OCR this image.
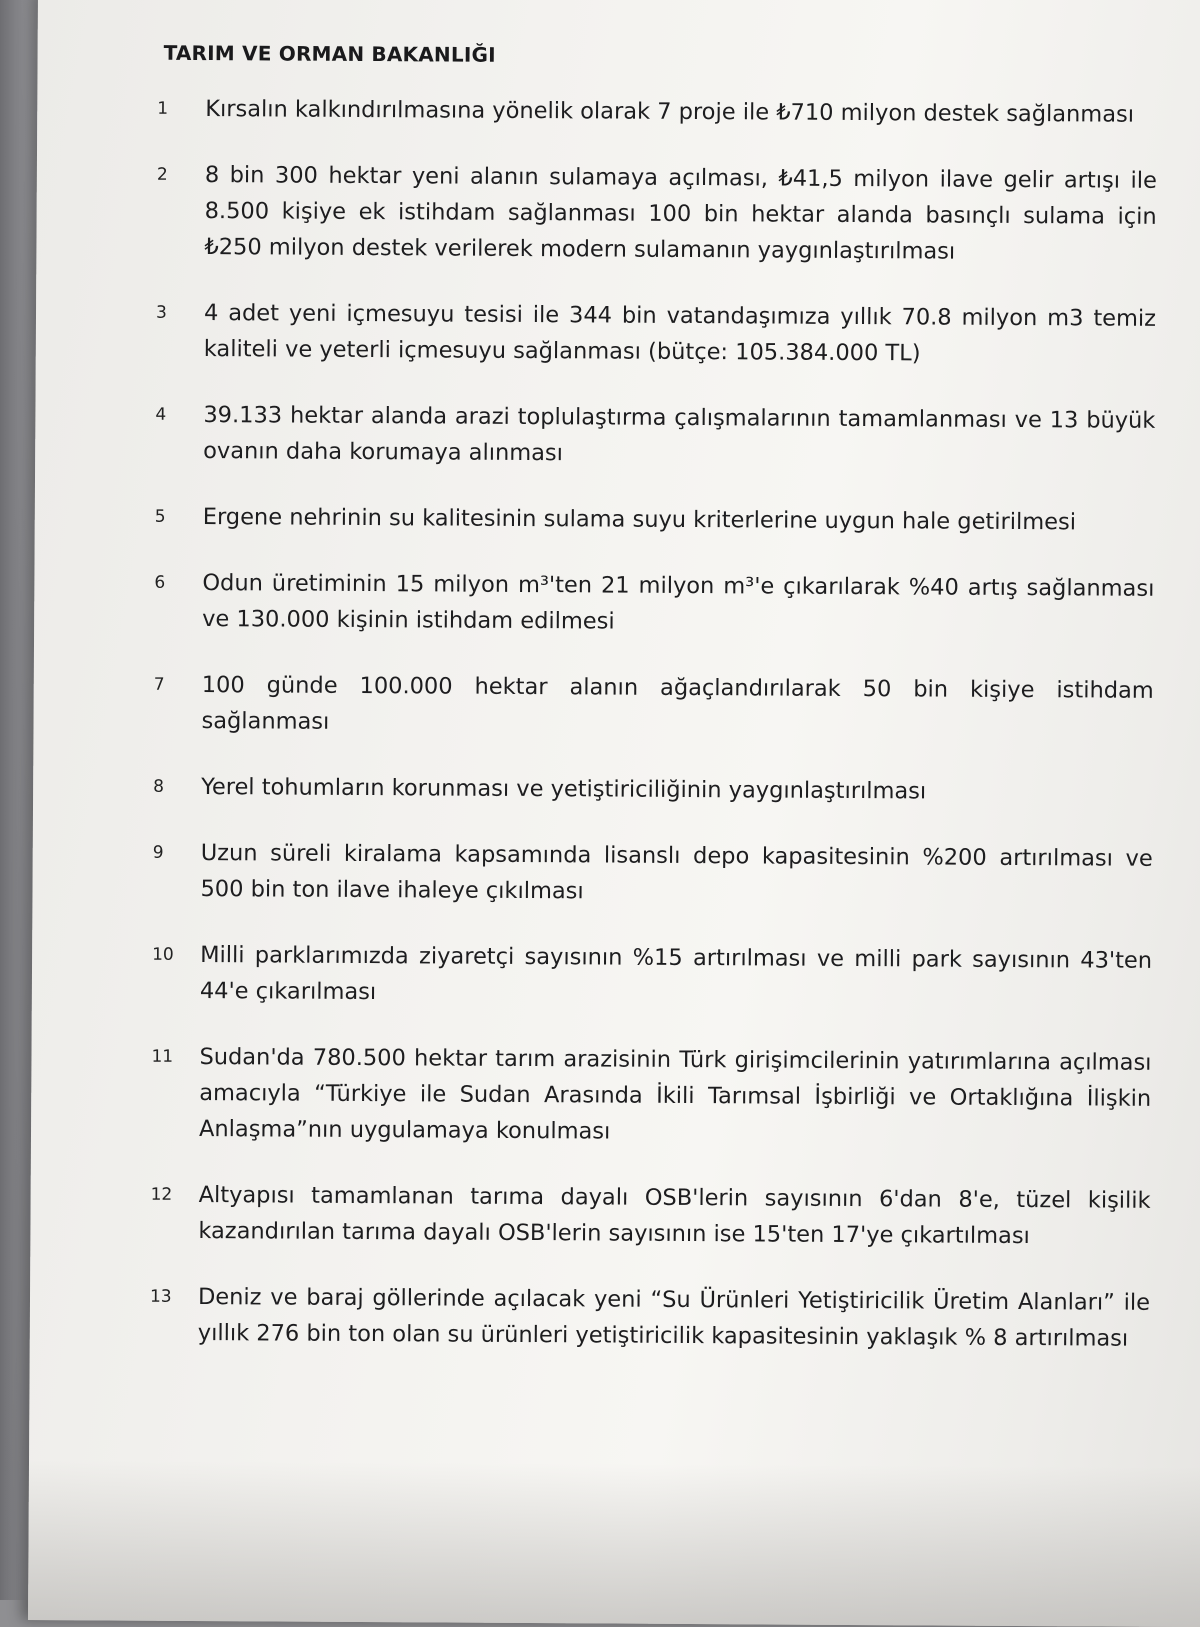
TARIM VE ORMAN BAKANLIĞI
1	Kırsalın kalkındırılmasına yönelik olarak 7 proje ile ₺710 milyon destek sağlanması
2	8 bin 300 hektar yeni alanın sulamaya açılması, ₺41,5 milyon ilave gelir artışı ile 8.500 kişiye ek istihdam sağlanması 100 bin hektar alanda basınçlı sulama için ₺250 milyon destek verilerek modern sulamanın yaygınlaştırılması
3	4 adet yeni içmesuyu tesisi ile 344 bin vatandaşımıza yıllık 70.8 milyon m3 temiz kaliteli ve yeterli içmesuyu sağlanması (bütçe: 105.384.000 TL)
4	39.133 hektar alanda arazi toplulaştırma çalışmalarının tamamlanması ve 13 büyük ovanın daha korumaya alınması
5	Ergene nehrinin su kalitesinin sulama suyu kriterlerine uygun hale getirilmesi
6	Odun üretiminin 15 milyon m³'ten 21 milyon m³'e çıkarılarak %40 artış sağlanması ve 130.000 kişinin istihdam edilmesi
7	100 günde 100.000 hektar alanın ağaçlandırılarak 50 bin kişiye istihdam sağlanması
8	Yerel tohumların korunması ve yetiştiriciliğinin yaygınlaştırılması
9	Uzun süreli kiralama kapsamında lisanslı depo kapasitesinin %200 artırılması ve 500 bin ton ilave ihaleye çıkılması
10	Milli parklarımızda ziyaretçi sayısının %15 artırılması ve milli park sayısının 43'ten 44'e çıkarılması
11	Sudan'da 780.500 hektar tarım arazisinin Türk girişimcilerinin yatırımlarına açılması amacıyla “Türkiye ile Sudan Arasında İkili Tarımsal İşbirliği ve Ortaklığına İlişkin Anlaşma”nın uygulamaya konulması
12	Altyapısı tamamlanan tarıma dayalı OSB'lerin sayısının 6'dan 8'e, tüzel kişilik kazandırılan tarıma dayalı OSB'lerin sayısının ise 15'ten 17'ye çıkartılması
13	Deniz ve baraj göllerinde açılacak yeni “Su Ürünleri Yetiştiricilik Üretim Alanları” ile yıllık 276 bin ton olan su ürünleri yetiştiricilik kapasitesinin yaklaşık % 8 artırılması
